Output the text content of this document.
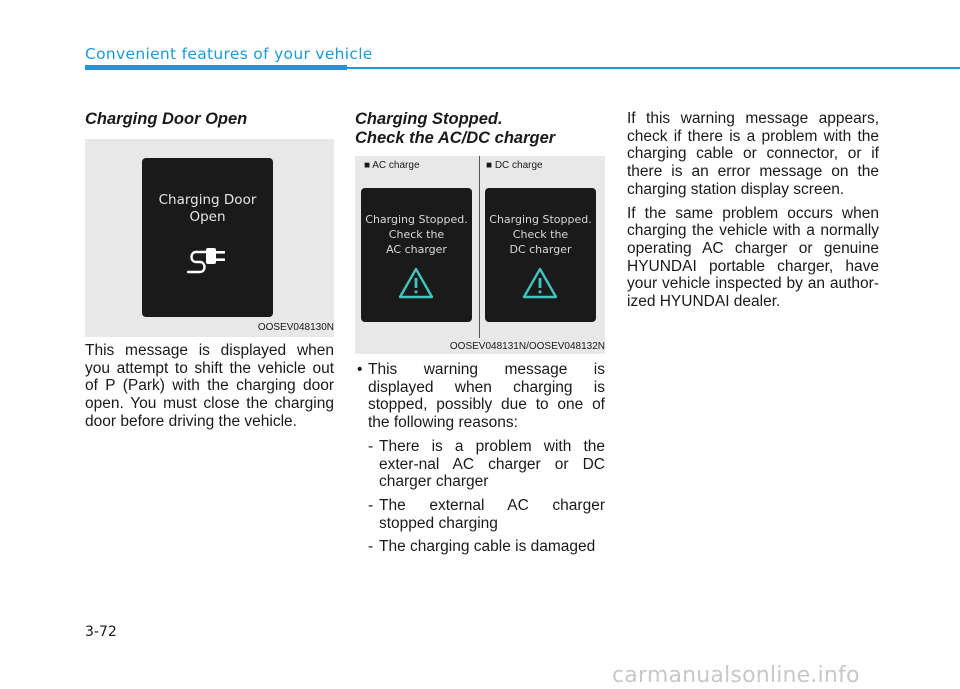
Convenient features of your vehicle
Charging Door Open
Charging Door
Open
OOSEV048130N

This message is displayed when you attempt to shift the vehicle out of P (Park) with the charging door open. You must close the charging door before driving the vehicle.

Charging Stopped.
Check the AC/DC charger
■ AC charge	■ DC charge
Charging Stopped.
Check the
AC charger
Charging Stopped.
Check the
DC charger
OOSEV048131N/OOSEV048132N
• This warning message is displayed when charging is stopped, possibly due to one of the following reasons:
- There is a problem with the exter-nal AC charger or DC charger charger
- The external AC charger stopped charging
- The charging cable is damaged

If this warning message appears, check if there is a problem with the charging cable or connector, or if there is an error message on the charging station display screen.

If the same problem occurs when charging the vehicle with a normally operating AC charger or genuine HYUNDAI portable charger, have your vehicle inspected by an author-ized HYUNDAI dealer.

3-72
carmanualsonline.info
